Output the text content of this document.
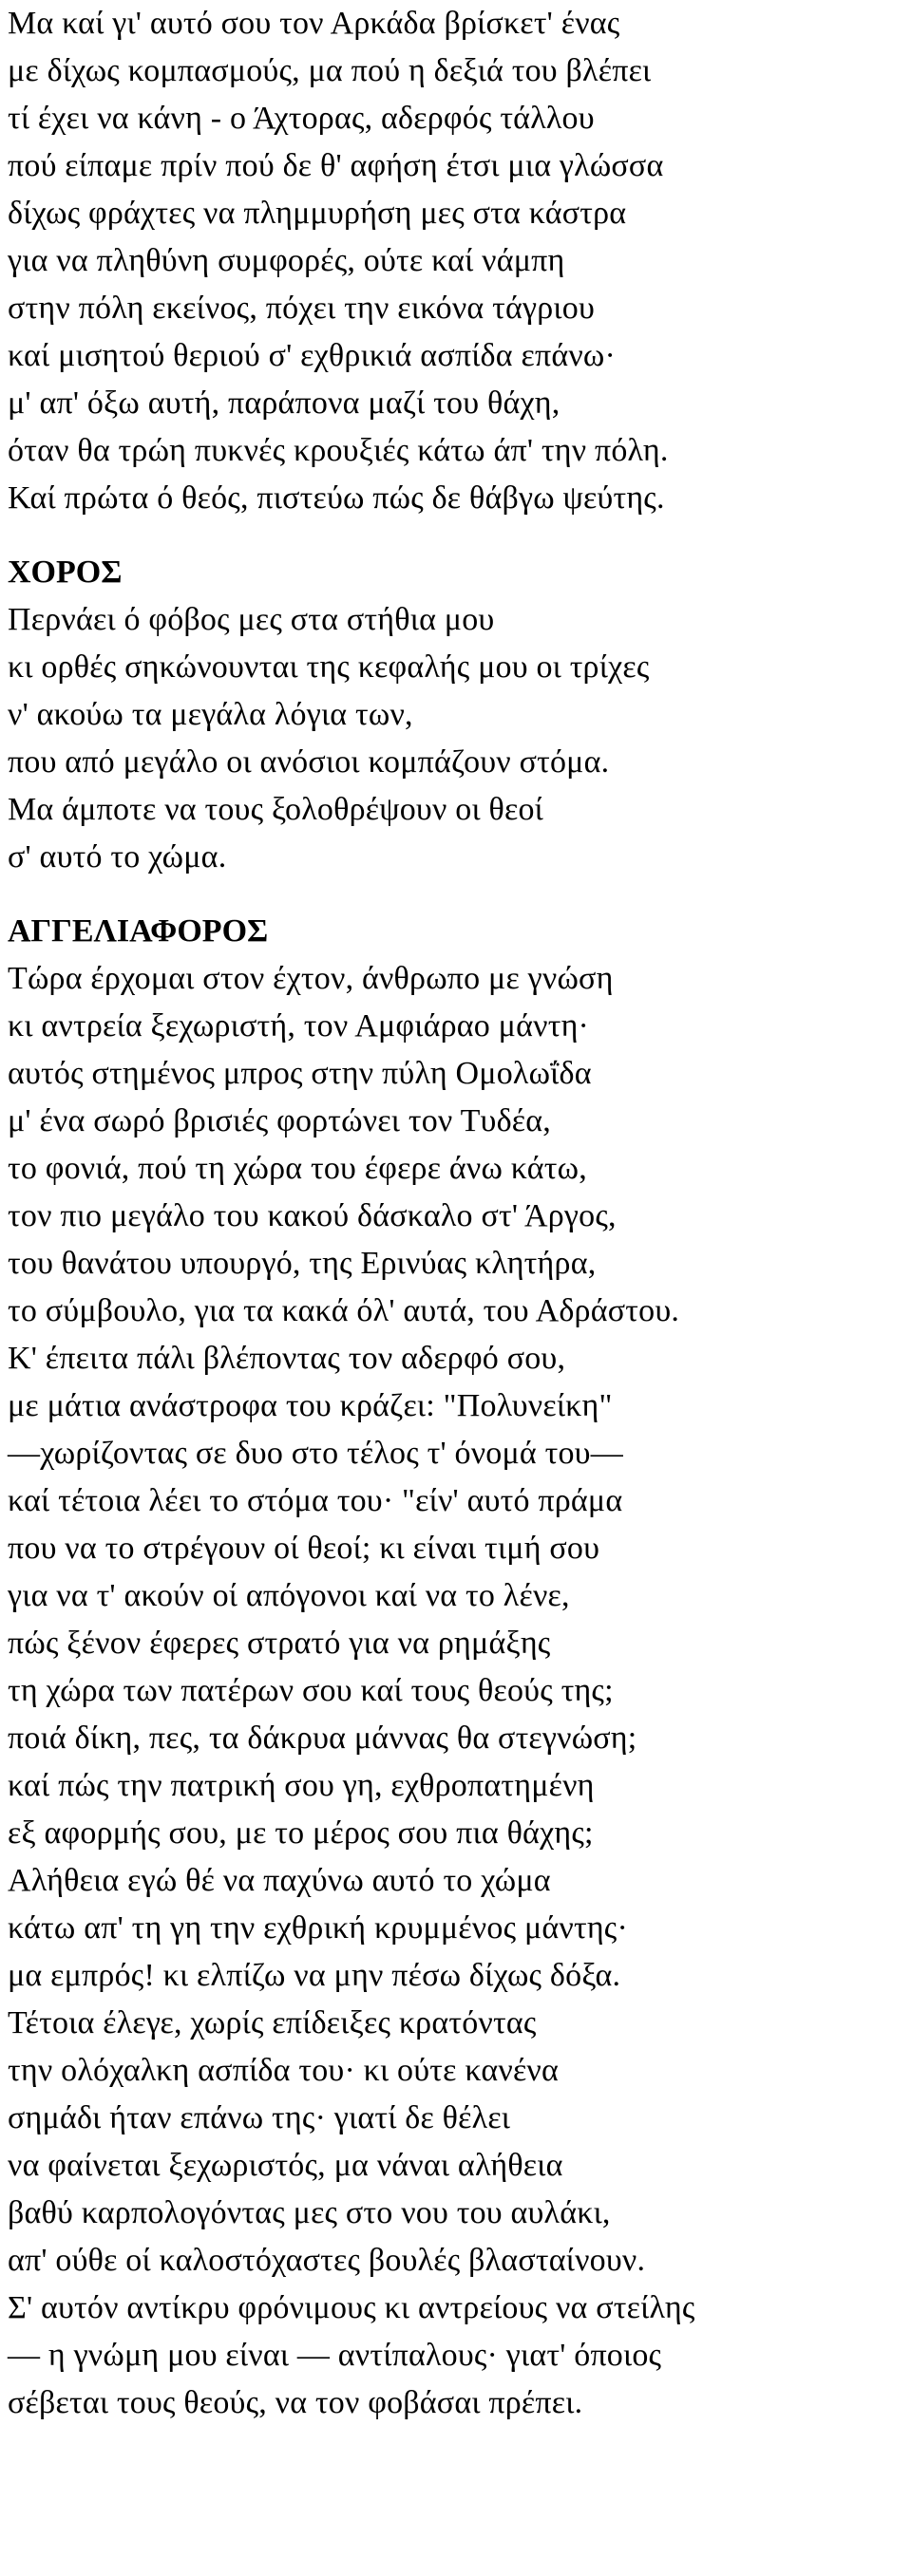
Μα καί γι' αυτό σου τον Αρκάδα βρίσκετ' ένας
με δίχως κομπασμούς, μα πού η δεξιά του βλέπει
τί έχει να κάνη - ο Άχτορας, αδερφός τάλλου
πού είπαμε πρίν πού δε θ' αφήση έτσι μια γλώσσα
δίχως φράχτες να πλημμυρήση μες στα κάστρα
για να πληθύνη συμφορές, ούτε καί νάμπη
στην πόλη εκείνος, πόχει την εικόνα τάγριου
καί μισητού θεριού σ' εχθρικιά ασπίδα επάνω·
μ' απ' όξω αυτή, παράπονα μαζί του θάχη,
όταν θα τρώη πυκνές κρουξιές κάτω άπ' την πόλη.
Καί πρώτα ό θεός, πιστεύω πώς δε θάβγω ψεύτης.
ΧΟΡΟΣ
Περνάει ό φόβος μες στα στήθια μου
κι ορθές σηκώνουνται της κεφαλής μου οι τρίχες
ν' ακούω τα μεγάλα λόγια των,
που από μεγάλο οι ανόσιοι κομπάζουν στόμα.
Μα άμποτε να τους ξολοθρέψουν οι θεοί
σ' αυτό το χώμα.
ΑΓΓΕΛΙΑΦΟΡΟΣ
Τώρα έρχομαι στον έχτον, άνθρωπο με γνώση
κι αντρεία ξεχωριστή, τον Αμφιάραο μάντη·
αυτός στημένος μπρος στην πύλη Ομολωΐδα
μ' ένα σωρό βρισιές φορτώνει τον Τυδέα,
το φονιά, πού τη χώρα του έφερε άνω κάτω,
τον πιο μεγάλο του κακού δάσκαλο στ' Άργος,
του θανάτου υπουργό, της Ερινύας κλητήρα,
το σύμβουλο, για τα κακά όλ' αυτά, του Αδράστου.
Κ' έπειτα πάλι βλέποντας τον αδερφό σου,
με μάτια ανάστροφα του κράζει: "Πολυνείκη"
—χωρίζοντας σε δυο στο τέλος τ' όνομά του—
καί τέτοια λέει το στόμα του· "είν' αυτό πράμα
που να το στρέγουν οί θεοί; κι είναι τιμή σου
για να τ' ακούν οί απόγονοι καί να το λένε,
πώς ξένον έφερες στρατό για να ρημάξης
τη χώρα των πατέρων σου καί τους θεούς της;
ποιά δίκη, πες, τα δάκρυα μάννας θα στεγνώση;
καί πώς την πατρική σου γη, εχθροπατημένη
εξ αφορμής σου, με το μέρος σου πια θάχης;
Αλήθεια εγώ θέ να παχύνω αυτό το χώμα
κάτω απ' τη γη την εχθρική κρυμμένος μάντης·
μα εμπρός! κι ελπίζω να μην πέσω δίχως δόξα.
Τέτοια έλεγε, χωρίς επίδειξες κρατόντας
την ολόχαλκη ασπίδα του· κι ούτε κανένα
σημάδι ήταν επάνω της· γιατί δε θέλει
να φαίνεται ξεχωριστός, μα νάναι αλήθεια
βαθύ καρπολογόντας μες στο νου του αυλάκι,
απ' ούθε οί καλοστόχαστες βουλές βλασταίνουν.
Σ' αυτόν αντίκρυ φρόνιμους κι αντρείους να στείλης
— η γνώμη μου είναι — αντίπαλους· γιατ' όποιος
σέβεται τους θεούς, να τον φοβάσαι πρέπει.
